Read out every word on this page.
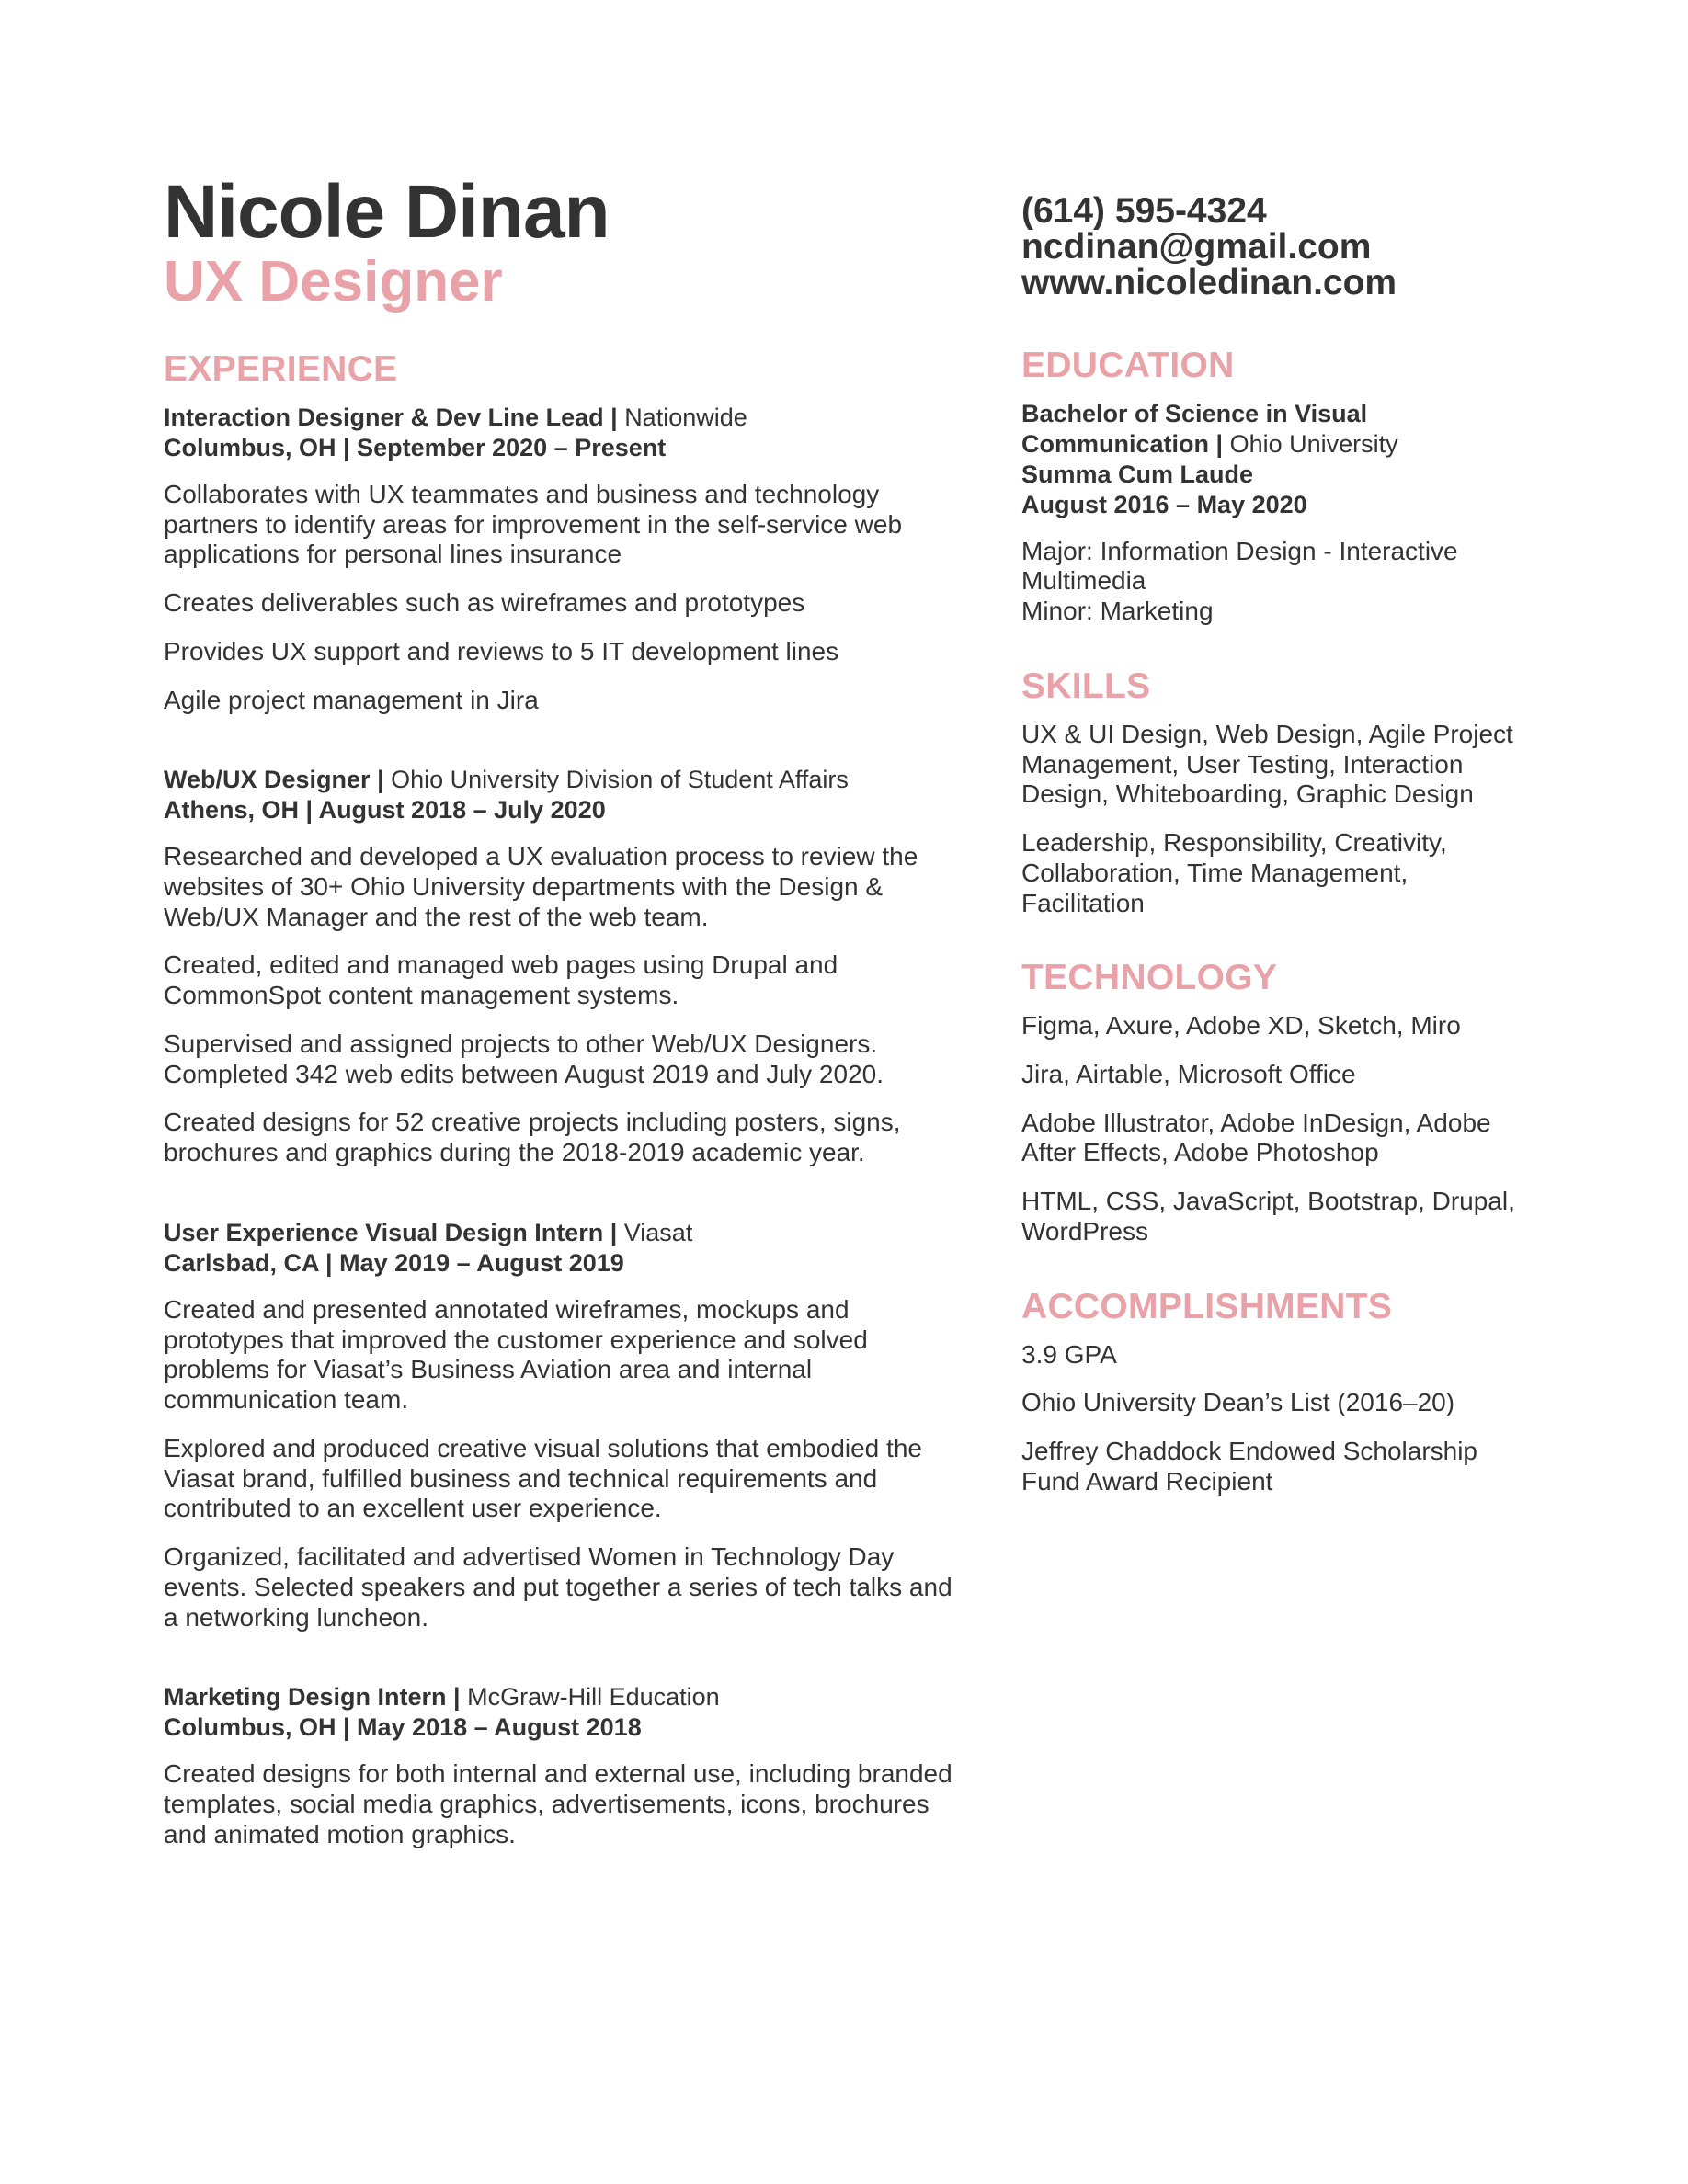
Nicole Dinan
UX Designer
EXPERIENCE
Interaction Designer & Dev Line Lead | Nationwide
Columbus, OH | September 2020 – Present

Collaborates with UX teammates and business and technology partners to identify areas for improvement in the self-service web applications for personal lines insurance

Creates deliverables such as wireframes and prototypes

Provides UX support and reviews to 5 IT development lines

Agile project management in Jira

Web/UX Designer | Ohio University Division of Student Affairs
Athens, OH | August 2018 – July 2020

Researched and developed a UX evaluation process to review the websites of 30+ Ohio University departments with the Design & Web/UX Manager and the rest of the web team.

Created, edited and managed web pages using Drupal and CommonSpot content management systems.

Supervised and assigned projects to other Web/UX Designers. Completed 342 web edits between August 2019 and July 2020.

Created designs for 52 creative projects including posters, signs, brochures and graphics during the 2018-2019 academic year.

User Experience Visual Design Intern | Viasat
Carlsbad, CA | May 2019 – August 2019

Created and presented annotated wireframes, mockups and prototypes that improved the customer experience and solved problems for Viasat’s Business Aviation area and internal communication team.

Explored and produced creative visual solutions that embodied the Viasat brand, fulfilled business and technical requirements and contributed to an excellent user experience.

Organized, facilitated and advertised Women in Technology Day events. Selected speakers and put together a series of tech talks and a networking luncheon.

Marketing Design Intern | McGraw-Hill Education
Columbus, OH | May 2018 – August 2018

Created designs for both internal and external use, including branded templates, social media graphics, advertisements, icons, brochures and animated motion graphics.

(614) 595-4324
ncdinan@gmail.com
www.nicoledinan.com
EDUCATION
Bachelor of Science in Visual
Communication | Ohio University
Summa Cum Laude
August 2016 – May 2020
Major: Information Design - Interactive
Multimedia
Minor: Marketing
SKILLS

UX & UI Design, Web Design, Agile Project Management, User Testing, Interaction Design, Whiteboarding, Graphic Design

Leadership, Responsibility, Creativity, Collaboration, Time Management, Facilitation

TECHNOLOGY

Figma, Axure, Adobe XD, Sketch, Miro

Jira, Airtable, Microsoft Office

Adobe Illustrator, Adobe InDesign, Adobe After Effects, Adobe Photoshop

HTML, CSS, JavaScript, Bootstrap, Drupal, WordPress

ACCOMPLISHMENTS

3.9 GPA

Ohio University Dean’s List (2016–20)

Jeffrey Chaddock Endowed Scholarship Fund Award Recipient
